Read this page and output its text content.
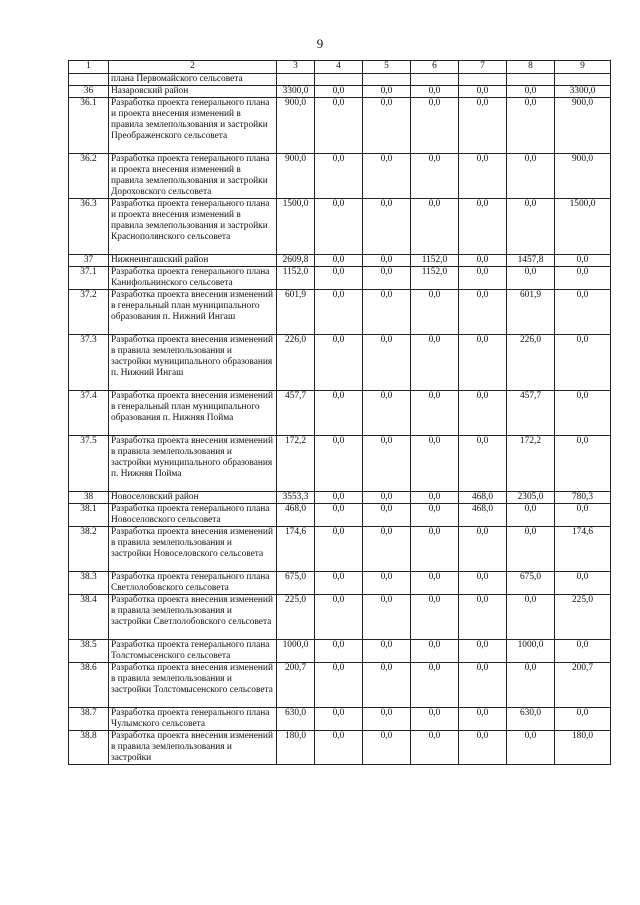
9
1	2	3	4	5	6	7	8	9
	плана Первомайского сельсовета							
36	Назаровский район	3300,0	0,0	0,0	0,0	0,0	0,0	3300,0
36.1	Разработка проекта генерального плана и проекта внесения изменений в правила землепользования и застройки Преображенского сельсовета	900,0	0,0	0,0	0,0	0,0	0,0	900,0
36.2	Разработка проекта генерального плана и проекта внесения изменений в правила землепользования и застройки Дороховского сельсовета	900,0	0,0	0,0	0,0	0,0	0,0	900,0
36.3	Разработка проекта генерального плана и проекта внесения изменений в правила землепользования и застройки Краснополянского сельсовета	1500,0	0,0	0,0	0,0	0,0	0,0	1500,0
37	Нижнеингашский район	2609,8	0,0	0,0	1152,0	0,0	1457,8	0,0
37.1	Разработка проекта генерального плана Канифольнинского сельсовета	1152,0	0,0	0,0	1152,0	0,0	0,0	0,0
37.2	Разработка проекта внесения изменений в генеральный план муниципального образования п. Нижний Ингаш	601,9	0,0	0,0	0,0	0,0	601,9	0,0
37.3	Разработка проекта внесения изменений в правила землепользования и застройки муниципального образования п. Нижний Ингаш	226,0	0,0	0,0	0,0	0,0	226,0	0,0
37.4	Разработка проекта внесения изменений в генеральный план муниципального образования п. Нижняя Пойма	457,7	0,0	0,0	0,0	0,0	457,7	0,0
37.5	Разработка проекта внесения изменений в правила землепользования и застройки муниципального образования п. Нижняя Пойма	172,2	0,0	0,0	0,0	0,0	172,2	0,0
38	Новоселовский район	3553,3	0,0	0,0	0,0	468,0	2305,0	780,3
38.1	Разработка проекта генерального плана Новоселовского сельсовета	468,0	0,0	0,0	0,0	468,0	0,0	0,0
38.2	Разработка проекта внесения изменений в правила землепользования и застройки Новоселовского сельсовета	174,6	0,0	0,0	0,0	0,0	0,0	174,6
38.3	Разработка проекта генерального плана Светлолобовского сельсовета	675,0	0,0	0,0	0,0	0,0	675,0	0,0
38.4	Разработка проекта внесения изменений в правила землепользования и застройки Светлолобовского сельсовета	225,0	0,0	0,0	0,0	0,0	0,0	225,0
38.5	Разработка проекта генерального плана Толстомысенского сельсовета	1000,0	0,0	0,0	0,0	0,0	1000,0	0,0
38.6	Разработка проекта внесения изменений в правила землепользования и застройки Толстомысенского сельсовета	200,7	0,0	0,0	0,0	0,0	0,0	200,7
38.7	Разработка проекта генерального плана Чулымского сельсовета	630,0	0,0	0,0	0,0	0,0	630,0	0,0
38.8	Разработка проекта внесения изменений в правила землепользования и застройки	180,0	0,0	0,0	0,0	0,0	0,0	180,0
